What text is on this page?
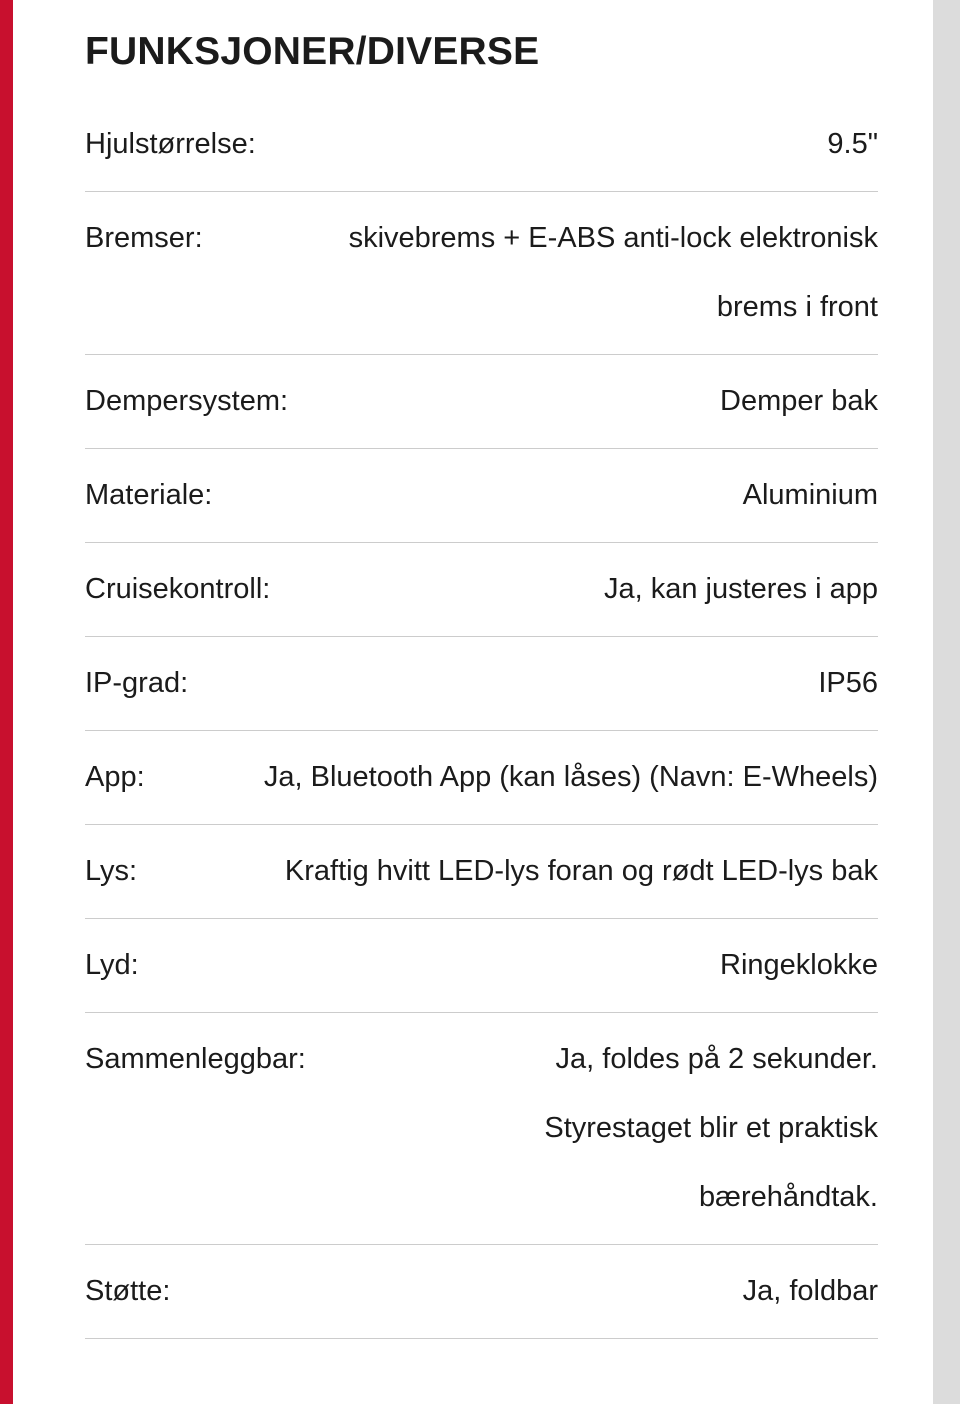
FUNKSJONER/DIVERSE
Hjulstørrelse:	9.5"
Bremser:	skivebrems + E-ABS anti-lock elektronisk brems i front
Dempersystem:	Demper bak
Materiale:	Aluminium
Cruisekontroll:	Ja, kan justeres i app
IP-grad:	IP56
App:	Ja, Bluetooth App (kan låses) (Navn: E-Wheels)
Lys:	Kraftig hvitt LED-lys foran og rødt LED-lys bak
Lyd:	Ringeklokke
Sammenleggbar:	Ja, foldes på 2 sekunder. Styrestaget blir et praktisk bærehåndtak.
Støtte:	Ja, foldbar
